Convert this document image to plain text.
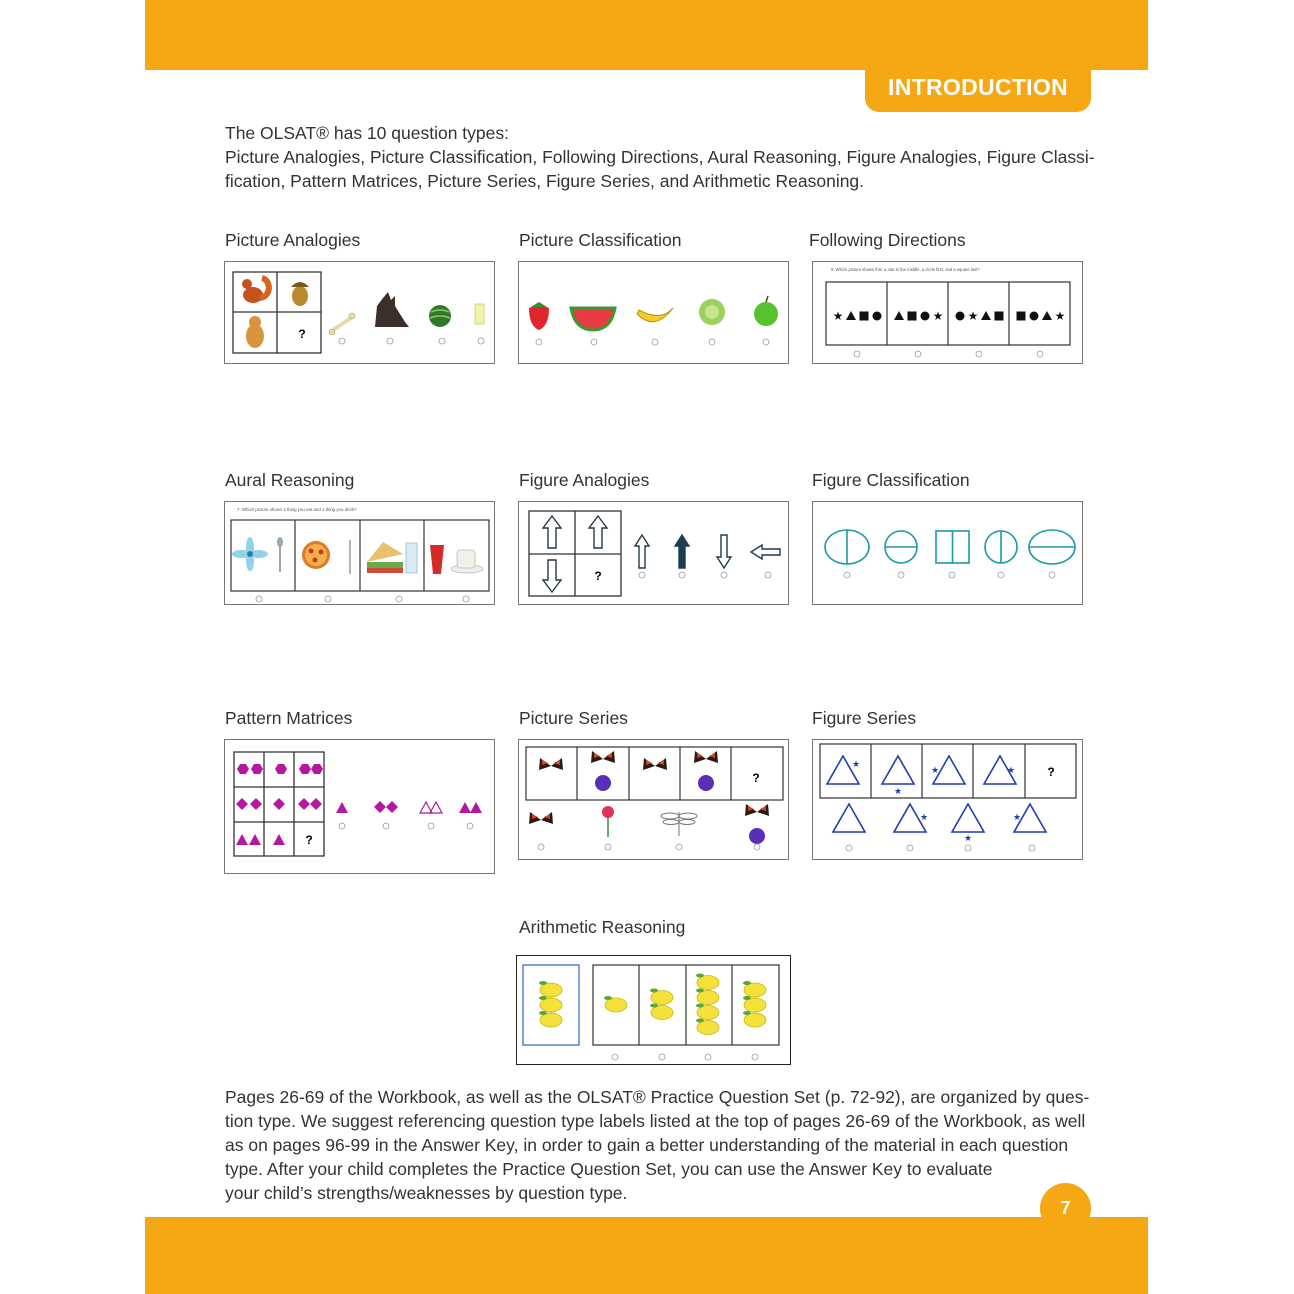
INTRODUCTION
The OLSAT® has 10 question types:
Picture Analogies, Picture Classification, Following Directions, Aural Reasoning, Figure Analogies, Figure Classi-
fication, Pattern Matrices, Picture Series, Figure Series, and Arithmetic Reasoning.
Picture Analogies	Picture Classification	Following Directions
?
9. Which picture shows this: a star in the middle, a circle first, and a square last?
★	★ ★	★
Aural Reasoning	Figure Analogies	Figure Classification
7. Which picture shows 1 thing you eat and 1 thing you drink?
?
Pattern Matrices	Picture Series	Figure Series
?
?
★
★
★	★
★
★
★
?
Arithmetic Reasoning
Pages 26-69 of the Workbook, as well as the OLSAT® Practice Question Set (p. 72-92), are organized by ques-
tion type. We suggest referencing question type labels listed at the top of pages 26-69 of the Workbook, as well
as on pages 96-99 in the Answer Key, in order to gain a better understanding of the material in each question
type. After your child completes the Practice Question Set, you can use the Answer Key to evaluate
your child’s strengths/weaknesses by question type.
7
